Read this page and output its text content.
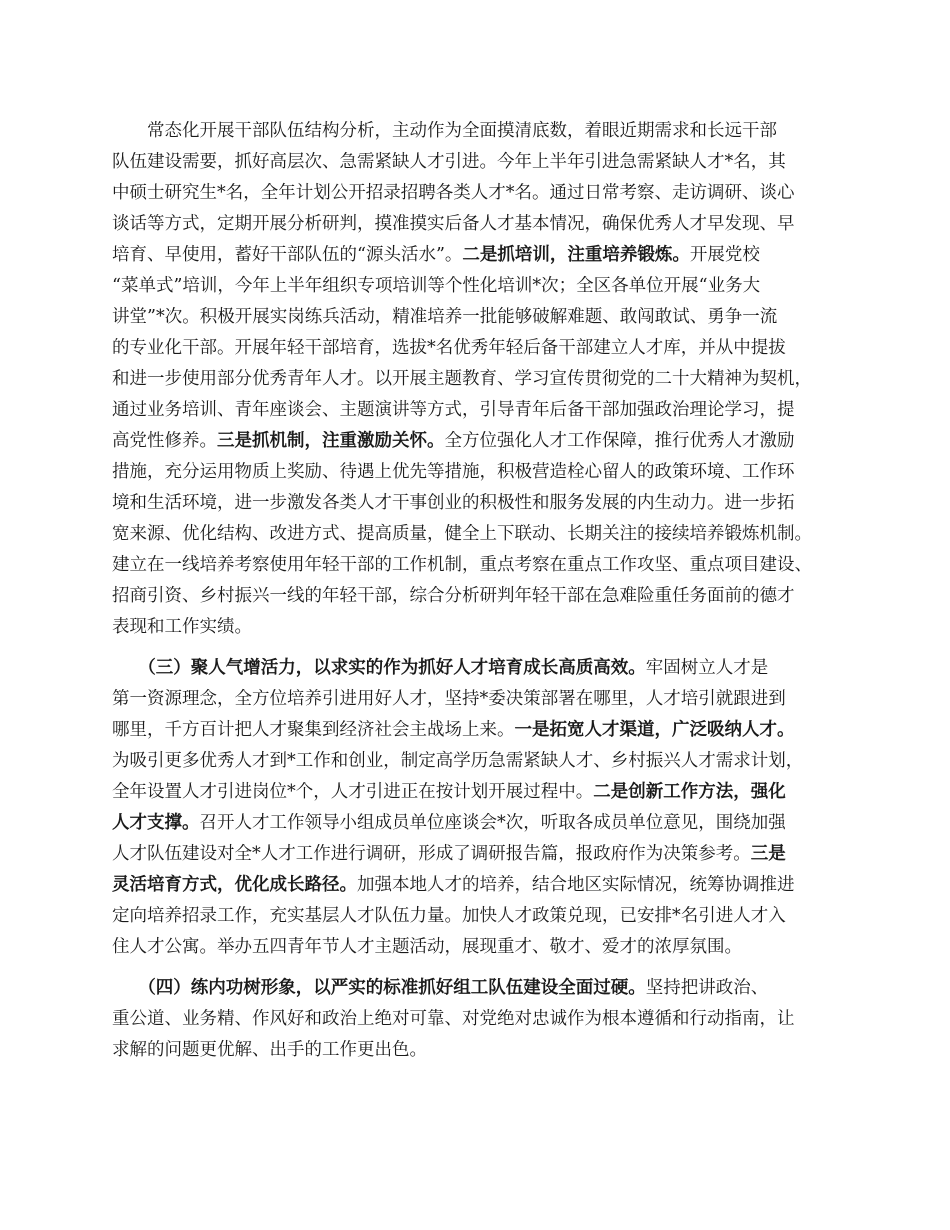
　　常态化开展干部队伍结构分析，主动作为全面摸清底数，着眼近期需求和长远干部
队伍建设需要，抓好高层次、急需紧缺人才引进。今年上半年引进急需紧缺人才*名，其
中硕士研究生*名，全年计划公开招录招聘各类人才*名。通过日常考察、走访调研、谈心
谈话等方式，定期开展分析研判，摸准摸实后备人才基本情况，确保优秀人才早发现、早
培育、早使用，蓄好干部队伍的“源头活水”。二是抓培训，注重培养锻炼。开展党校
“菜单式”培训，今年上半年组织专项培训等个性化培训*次；全区各单位开展“业务大
讲堂”*次。积极开展实岗练兵活动，精准培养一批能够破解难题、敢闯敢试、勇争一流
的专业化干部。开展年轻干部培育，选拔*名优秀年轻后备干部建立人才库，并从中提拔
和进一步使用部分优秀青年人才。以开展主题教育、学习宣传贯彻党的二十大精神为契机，
通过业务培训、青年座谈会、主题演讲等方式，引导青年后备干部加强政治理论学习，提
高党性修养。三是抓机制，注重激励关怀。全方位强化人才工作保障，推行优秀人才激励
措施，充分运用物质上奖励、待遇上优先等措施，积极营造栓心留人的政策环境、工作环
境和生活环境，进一步激发各类人才干事创业的积极性和服务发展的内生动力。进一步拓
宽来源、优化结构、改进方式、提高质量，健全上下联动、长期关注的接续培养锻炼机制。
建立在一线培养考察使用年轻干部的工作机制，重点考察在重点工作攻坚、重点项目建设、
招商引资、乡村振兴一线的年轻干部，综合分析研判年轻干部在急难险重任务面前的德才
表现和工作实绩。
　　（三）聚人气增活力，以求实的作为抓好人才培育成长高质高效。牢固树立人才是
第一资源理念，全方位培养引进用好人才，坚持*委决策部署在哪里，人才培引就跟进到
哪里，千方百计把人才聚集到经济社会主战场上来。一是拓宽人才渠道，广泛吸纳人才。
为吸引更多优秀人才到*工作和创业，制定高学历急需紧缺人才、乡村振兴人才需求计划，
全年设置人才引进岗位*个，人才引进正在按计划开展过程中。二是创新工作方法，强化
人才支撑。召开人才工作领导小组成员单位座谈会*次，听取各成员单位意见，围绕加强
人才队伍建设对全*人才工作进行调研，形成了调研报告篇，报政府作为决策参考。三是
灵活培育方式，优化成长路径。加强本地人才的培养，结合地区实际情况，统筹协调推进
定向培养招录工作，充实基层人才队伍力量。加快人才政策兑现，已安排*名引进人才入
住人才公寓。举办五四青年节人才主题活动，展现重才、敬才、爱才的浓厚氛围。
　　（四）练内功树形象，以严实的标准抓好组工队伍建设全面过硬。坚持把讲政治、
重公道、业务精、作风好和政治上绝对可靠、对党绝对忠诚作为根本遵循和行动指南，让
求解的问题更优解、出手的工作更出色。
